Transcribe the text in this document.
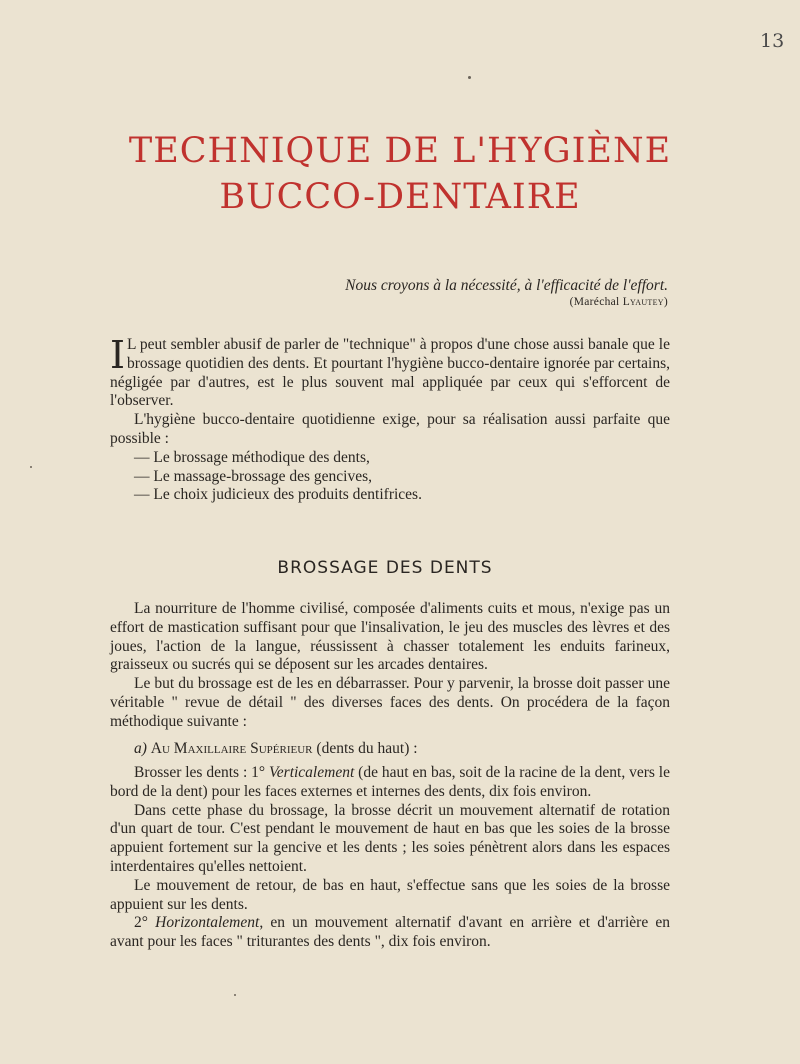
13
TECHNIQUE DE L'HYGIÈNE
BUCCO-DENTAIRE
Nous croyons à la nécessité, à l'efficacité de l'effort.
(Maréchal Lyautey)

I L peut sembler abusif de parler de "technique" à propos d'une chose aussi banale que le brossage quotidien des dents. Et pourtant l'hygiène bucco-dentaire ignorée par certains, négligée par d'autres, est le plus souvent mal appliquée par ceux qui s'efforcent de l'observer.

L'hygiène bucco-dentaire quotidienne exige, pour sa réalisation aussi parfaite que possible :

— Le brossage méthodique des dents,

— Le massage-brossage des gencives,

— Le choix judicieux des produits dentifrices.

BROSSAGE DES DENTS

La nourriture de l'homme civilisé, composée d'aliments cuits et mous, n'exige pas un effort de mastication suffisant pour que l'insalivation, le jeu des muscles des lèvres et des joues, l'action de la langue, réussissent à chasser totalement les enduits farineux, graisseux ou sucrés qui se déposent sur les arcades dentaires.

Le but du brossage est de les en débarrasser. Pour y parvenir, la brosse doit passer une véritable " revue de détail " des diverses faces des dents. On procédera de la façon méthodique suivante :

a) Au Maxillaire Supérieur (dents du haut) :

Brosser les dents : 1° Verticalement (de haut en bas, soit de la racine de la dent, vers le bord de la dent) pour les faces externes et internes des dents, dix fois environ.

Dans cette phase du brossage, la brosse décrit un mouvement alternatif de rotation d'un quart de tour. C'est pendant le mouvement de haut en bas que les soies de la brosse appuient fortement sur la gencive et les dents ; les soies pénètrent alors dans les espaces interdentaires qu'elles nettoient.

Le mouvement de retour, de bas en haut, s'effectue sans que les soies de la brosse appuient sur les dents.

2° Horizontalement, en un mouvement alternatif d'avant en arrière et d'arrière en avant pour les faces " triturantes des dents ", dix fois environ.
